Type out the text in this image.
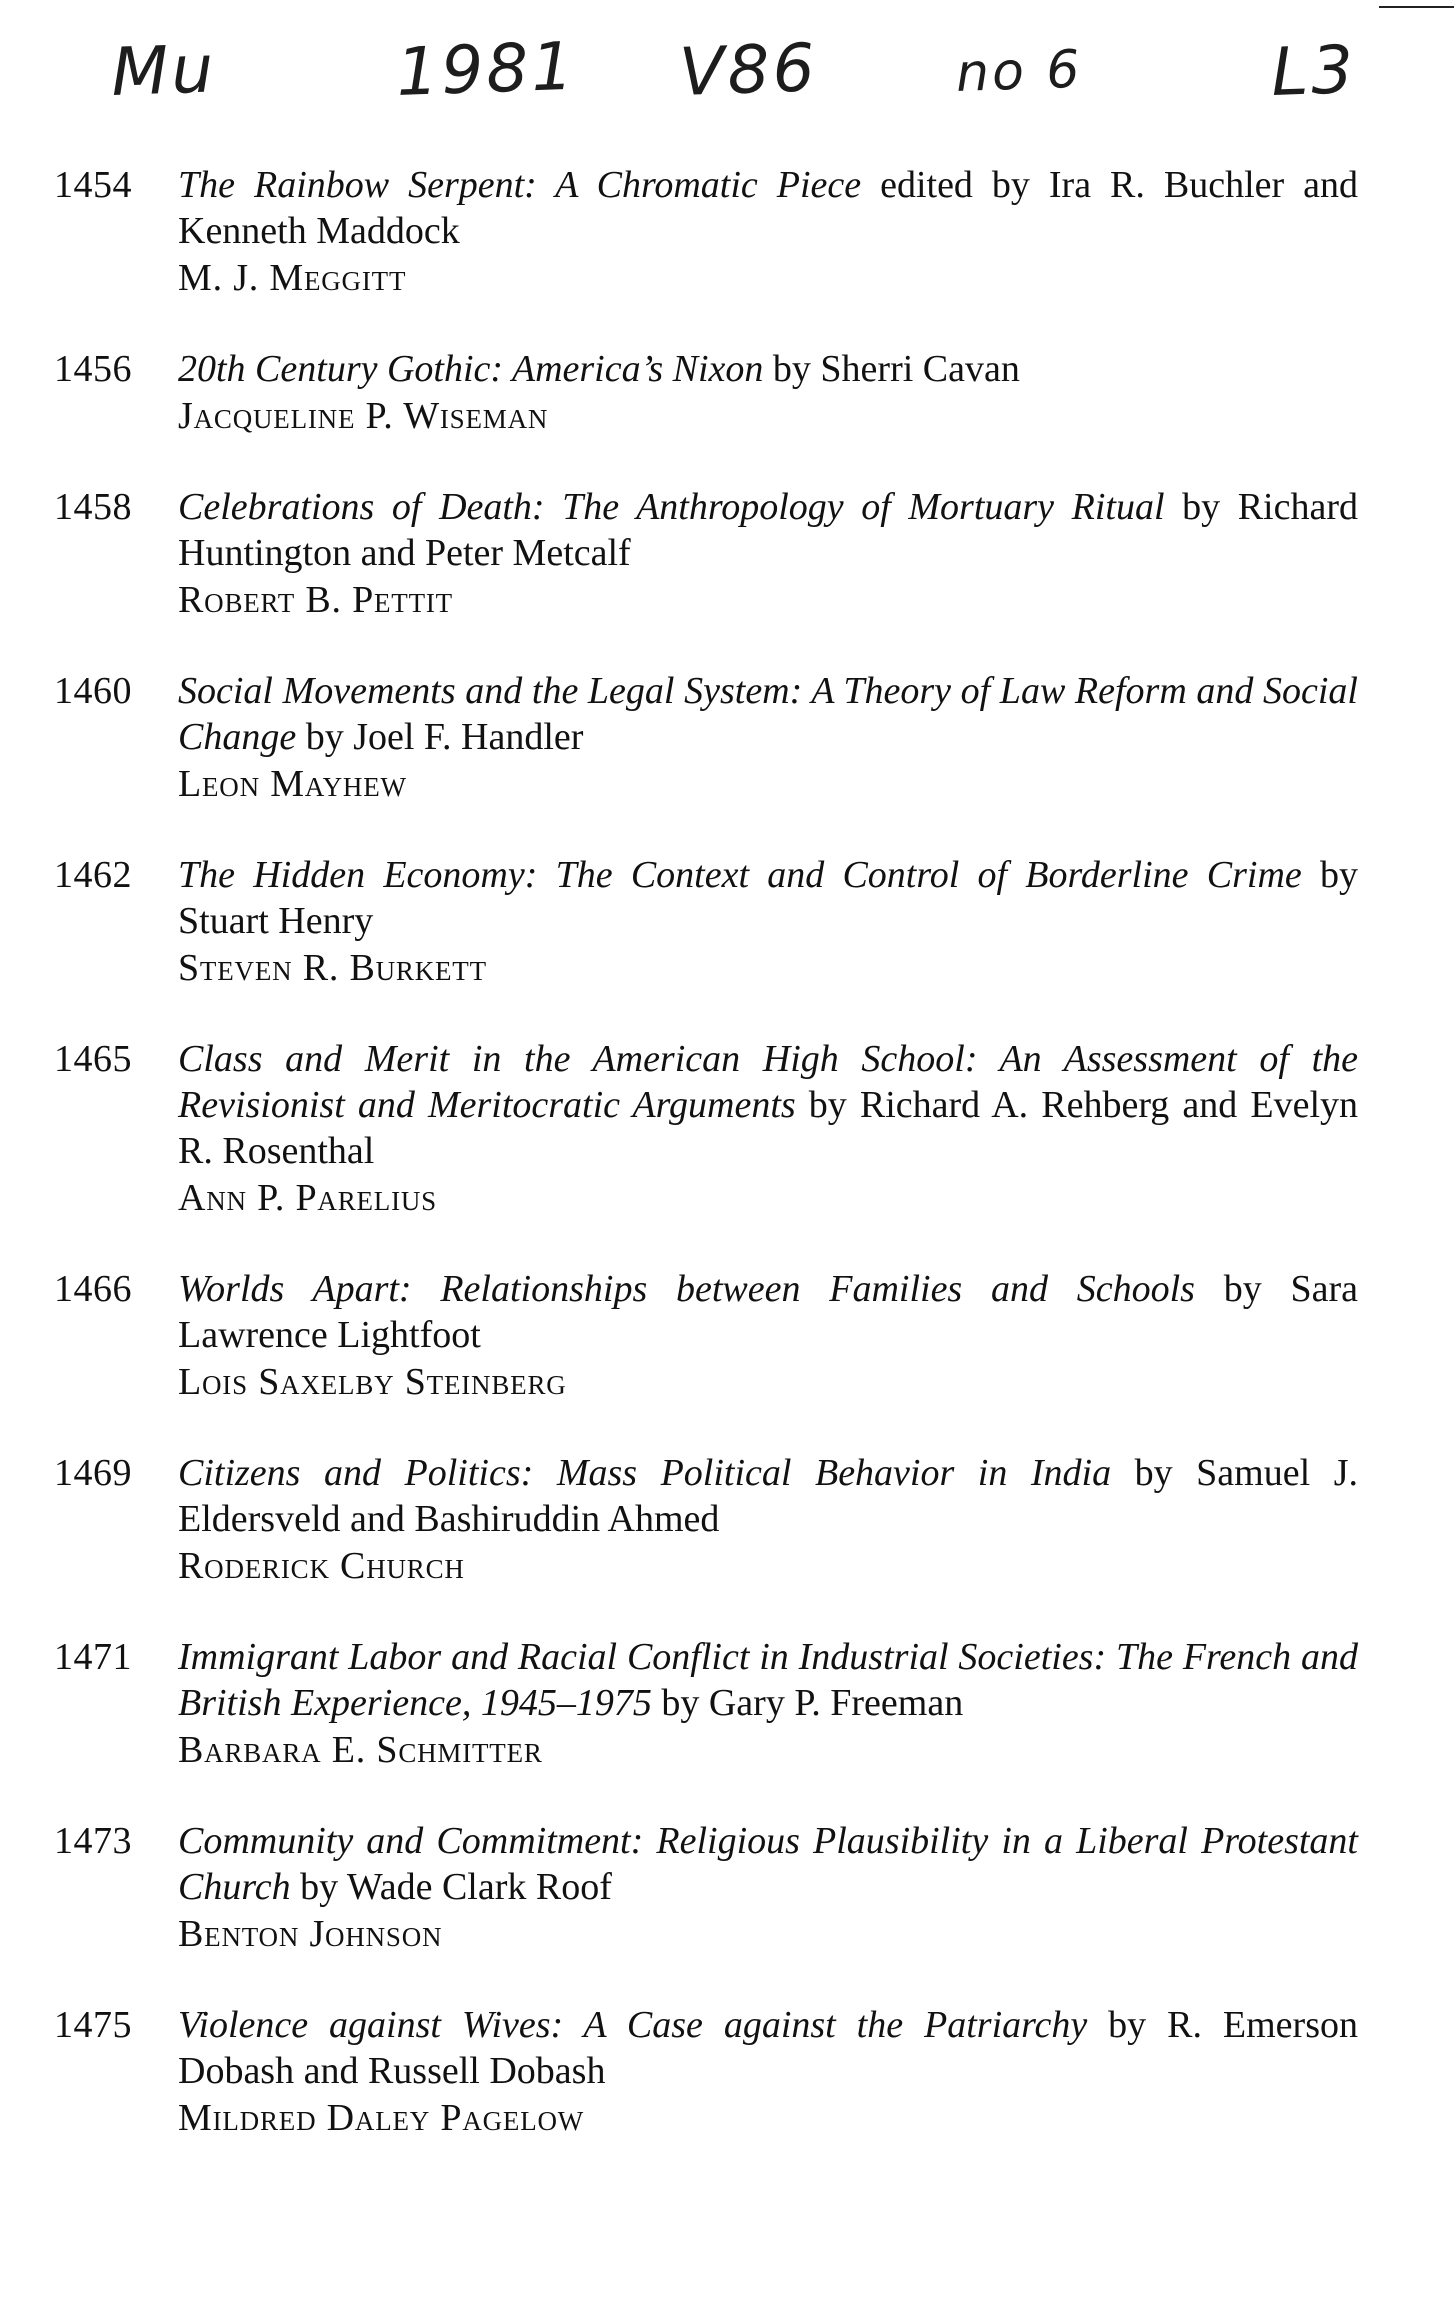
Mu	1981 V86	no 6	L3
1454 The Rainbow Serpent: A Chromatic Piece edited by Ira R. Buchler and Kenneth Maddock
M. J. Meggitt
1456 20th Century Gothic: America’s Nixon by Sherri Cavan
Jacqueline P. Wiseman
1458 Celebrations of Death: The Anthropology of Mortuary Ritual by Richard Huntington and Peter Metcalf
Robert B. Pettit
1460 Social Movements and the Legal System: A Theory of Law Reform and Social Change by Joel F. Handler
Leon Mayhew
1462 The Hidden Economy: The Context and Control of Borderline Crime by Stuart Henry
Steven R. Burkett
1465 Class and Merit in the American High School: An Assessment of the Revisionist and Meritocratic Arguments by Richard A. Rehberg and Evelyn R. Rosenthal
Ann P. Parelius
1466 Worlds Apart: Relationships between Families and Schools by Sara Lawrence Lightfoot
Lois Saxelby Steinberg
1469 Citizens and Politics: Mass Political Behavior in India by Samuel J. Eldersveld and Bashiruddin Ahmed
Roderick Church
1471 Immigrant Labor and Racial Conflict in Industrial Societies: The French and British Experience, 1945–1975 by Gary P. Freeman
Barbara E. Schmitter
1473 Community and Commitment: Religious Plausibility in a Liberal Protestant Church by Wade Clark Roof
Benton Johnson
1475 Violence against Wives: A Case against the Patriarchy by R. Emerson Dobash and Russell Dobash
Mildred Daley Pagelow
